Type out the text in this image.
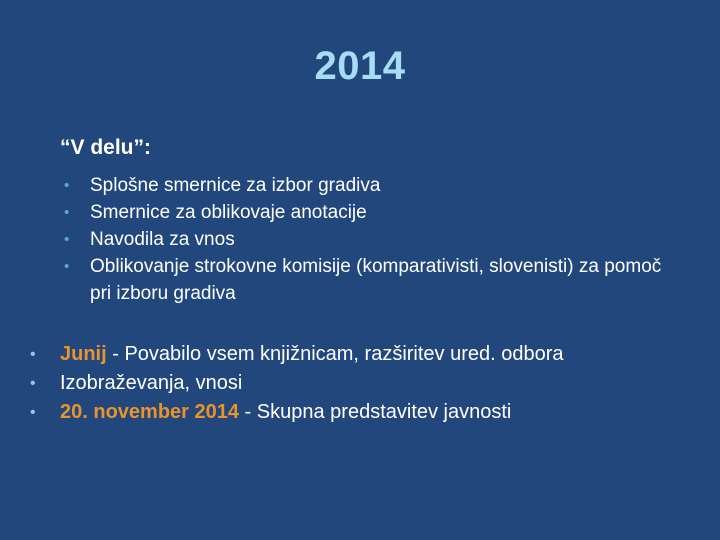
2014
“V delu”:
•	Splošne smernice za izbor gradiva
•	Smernice za oblikovaje anotacije
•	Navodila za vnos
•	Oblikovanje strokovne komisije (komparativisti, slovenisti) za pomoč pri izboru gradiva
• Junij - Povabilo vsem knjižnicam, razširitev ured. odbora
• Izobraževanja, vnosi
• 20. november 2014 - Skupna predstavitev javnosti
